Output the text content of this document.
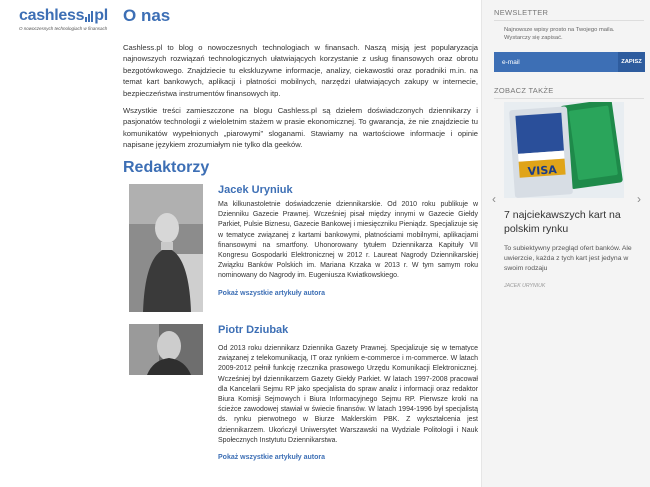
cashless pl
O nowoczesnych technologiach w finansach
O nas

Cashless.pl to blog o nowoczesnych technologiach w finansach. Naszą misją jest popularyzacja najnowszych rozwiązań technologicznych ułatwiających korzystanie z usług finansowych oraz obrotu bezgotówkowego. Znajdziecie tu ekskluzywne informacje, analizy, ciekawostki oraz poradniki m.in. na temat kart bankowych, aplikacji i płatności mobilnych, narzędzi ułatwiających zakupy w internecie, bezpieczeństwa instrumentów finansowych itp.

Wszystkie treści zamieszczone na blogu Cashless.pl są dziełem doświadczonych dziennikarzy i pasjonatów technologii z wieloletnim stażem w prasie ekonomicznej. To gwarancja, że nie znajdziecie tu komunikatów wypełnionych „piarowymi” sloganami. Stawiamy na wartościowe informacje i opinie napisane językiem zrozumiałym nie tylko dla geeków.

Redaktorzy
Jacek Uryniuk

Ma kilkunastoletnie doświadczenie dziennikarskie. Od 2010 roku publikuje w Dzienniku Gazecie Prawnej. Wcześniej pisał między innymi w Gazecie Giełdy Parkiet, Pulsie Biznesu, Gazecie Bankowej i miesięczniku Pieniądz. Specjalizuje się w tematyce związanej z kartami bankowymi, płatnościami mobilnymi, aplikacjami finansowymi na smartfony. Uhonorowany tytułem Dziennikarza Kapituły VII Kongresu Gospodarki Elektronicznej w 2012 r. Laureat Nagrody Dziennikarskiej Związku Banków Polskich im. Mariana Krzaka w 2013 r. W tym samym roku nominowany do Nagrody im. Eugeniusza Kwiatkowskiego.

Pokaż wszystkie artykuły autora
Piotr Dziubak

Od 2013 roku dziennikarz Dziennika Gazety Prawnej. Specjalizuje się w tematyce związanej z telekomunikacją, IT oraz rynkiem e-commerce i m-commerce. W latach 2009-2012 pełnił funkcję rzecznika prasowego Urzędu Komunikacji Elektronicznej. Wcześniej był dziennikarzem Gazety Giełdy Parkiet. W latach 1997-2008 pracował dla Kancelarii Sejmu RP jako specjalista do spraw analiz i informacji oraz redaktor Biura Komisji Sejmowych i Biura Informacyjnego Sejmu RP. Pierwsze kroki na ścieżce zawodowej stawiał w świecie finansów. W latach 1994-1996 był specjalistą ds. rynku pierwotnego w Biurze Maklerskim PBK. Z wykształcenia jest dziennikarzem. Ukończył Uniwersytet Warszawski na Wydziale Politologii i Nauk Społecznych Instytutu Dziennikarstwa.

Pokaż wszystkie artykuły autora
NEWSLETTER
Najnowsze wpisy prosto na Twojego maila. Wystarczy się zapisać.
e-mail
ZAPISZ
ZOBACZ TAKŻE
VISA
‹	›
7 najciekawszych kart na polskim rynku
To subiektywny przegląd ofert banków. Ale uwierzcie, każda z tych kart jest jedyna w swoim rodzaju
JACEK URYNIUK
